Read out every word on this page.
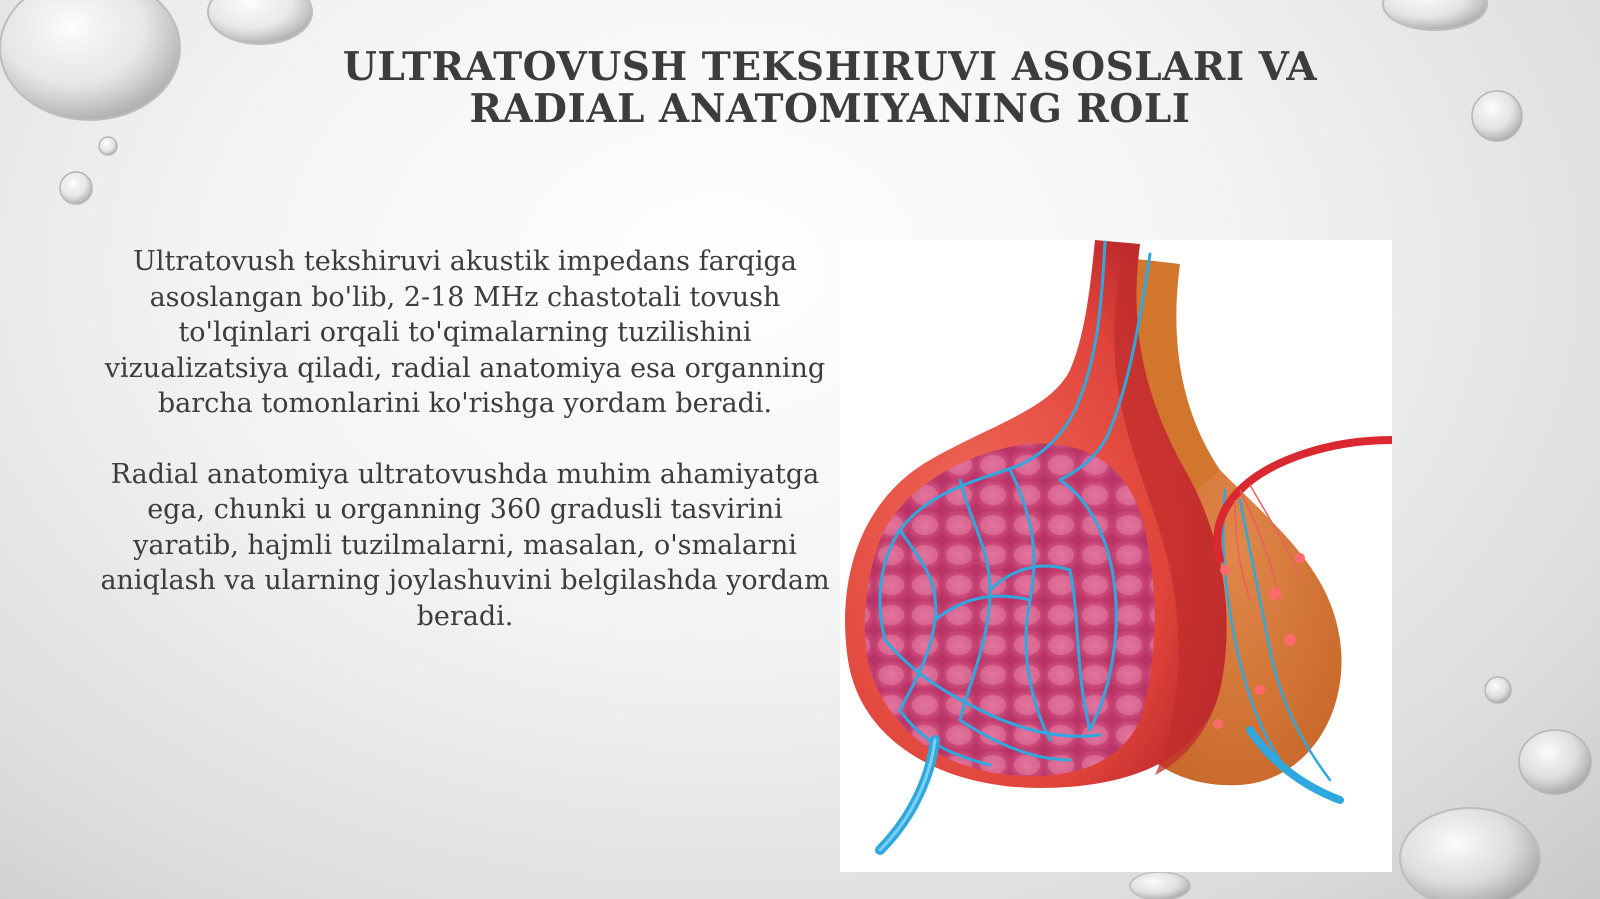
ULTRATOVUSH TEKSHIRUVI ASOSLARI VA RADIAL ANATOMIYANING ROLI

Ultratovush tekshiruvi akustik impedans farqiga asoslangan bo'lib, 2-18 MHz chastotali tovush to'lqinlari orqali to'qimalarning tuzilishini vizualizatsiya qiladi, radial anatomiya esa organning barcha tomonlarini ko'rishga yordam beradi.

Radial anatomiya ultratovushda muhim ahamiyatga ega, chunki u organning 360 gradusli tasvirini yaratib, hajmli tuzilmalarni, masalan, o'smalarni aniqlash va ularning joylashuvini belgilashda yordam beradi.
